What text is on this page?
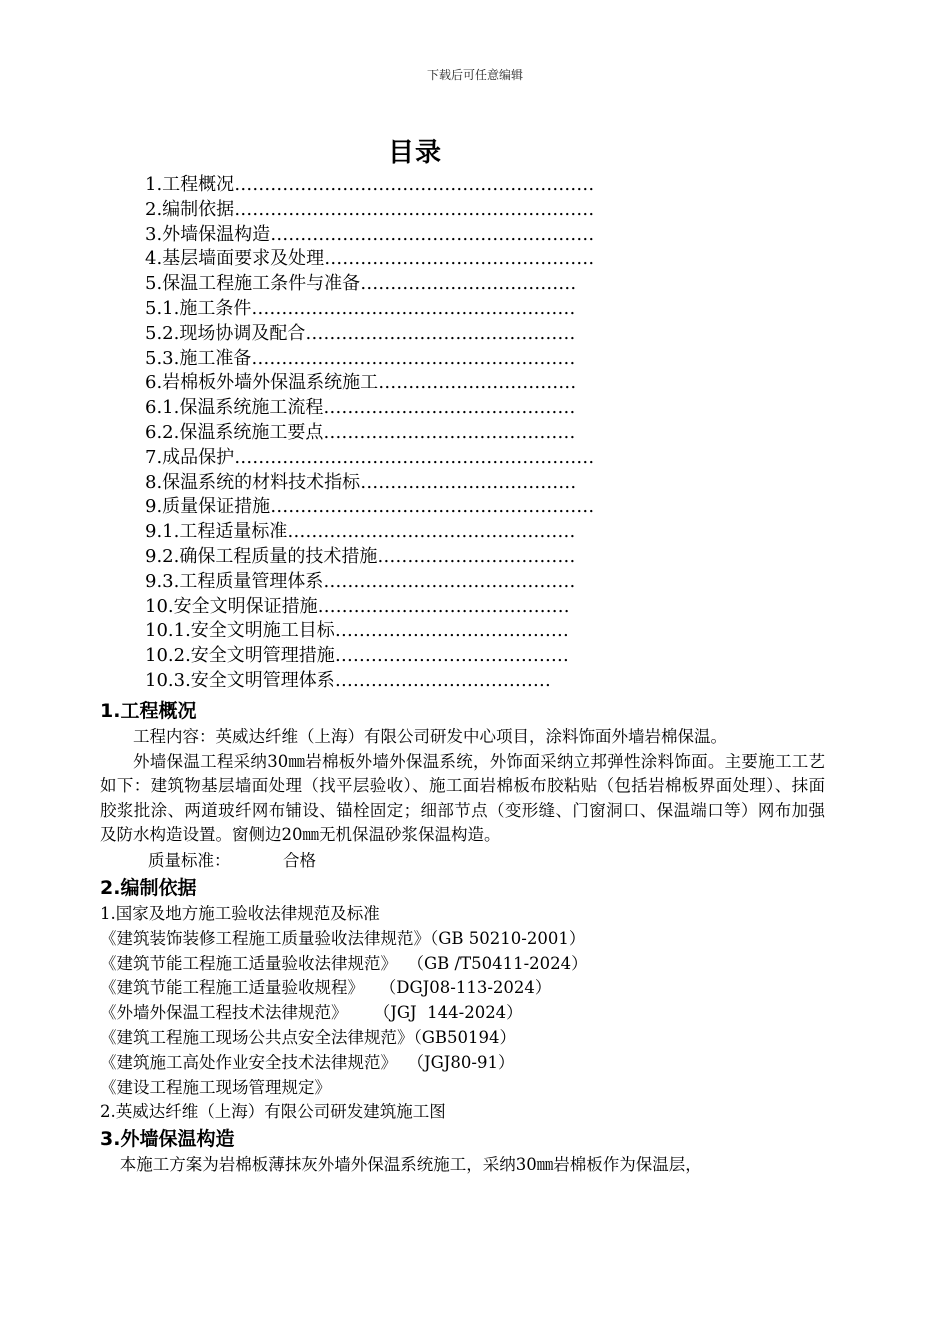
下载后可任意编辑
目录
1.工程概况……………………………………………………
2.编制依据……………………………………………………
3.外墙保温构造………………………………………………
4.基层墙面要求及处理………………………………………
5.保温工程施工条件与准备………………………………
5.1.施工条件………………………………………………
5.2.现场协调及配合………………………………………
5.3.施工准备………………………………………………
6.岩棉板外墙外保温系统施工……………………………
6.1.保温系统施工流程……………………………………
6.2.保温系统施工要点……………………………………
7.成品保护……………………………………………………
8.保温系统的材料技术指标………………………………
9.质量保证措施………………………………………………
9.1.工程适量标准…………………………………………
9.2.确保工程质量的技术措施……………………………
9.3.工程质量管理体系……………………………………
10.安全文明保证措施……………………………………
10.1.安全文明施工目标…………………………………
10.2.安全文明管理措施…………………………………
10.3.安全文明管理体系………………………………
1.工程概况

工程内容：英威达纤维（上海）有限公司研发中心项目，涂料饰面外墙岩棉保温。

外墙保温工程采纳30㎜岩棉板外墙外保温系统，外饰面采纳立邦弹性涂料饰面。主要施工工艺如下：建筑物基层墙面处理（找平层验收）、施工面岩棉板布胶粘贴（包括岩棉板界面处理）、抹面胶浆批涂、两道玻纤网布铺设、锚栓固定；细部节点（变形缝、门窗洞口、保温端口等）网布加强及防水构造设置。窗侧边20㎜无机保温砂浆保温构造。

质量标准：	合格
2.编制依据
1.国家及地方施工验收法律规范及标准
《建筑装饰装修工程施工质量验收法律规范》（GB 50210-2001）
《建筑节能工程施工适量验收法律规范》  （GB /T50411-2024）
《建筑节能工程施工适量验收规程》   （DGJ08-113-2024）
《外墙外保温工程技术法律规范》     （JGJ  144-2024）
《建筑工程施工现场公共点安全法律规范》（GB50194）
《建筑施工高处作业安全技术法律规范》  （JGJ80-91）
《建设工程施工现场管理规定》
2.英威达纤维（上海）有限公司研发建筑施工图
3.外墙保温构造

本施工方案为岩棉板薄抹灰外墙外保温系统施工，采纳30㎜岩棉板作为保温层，
